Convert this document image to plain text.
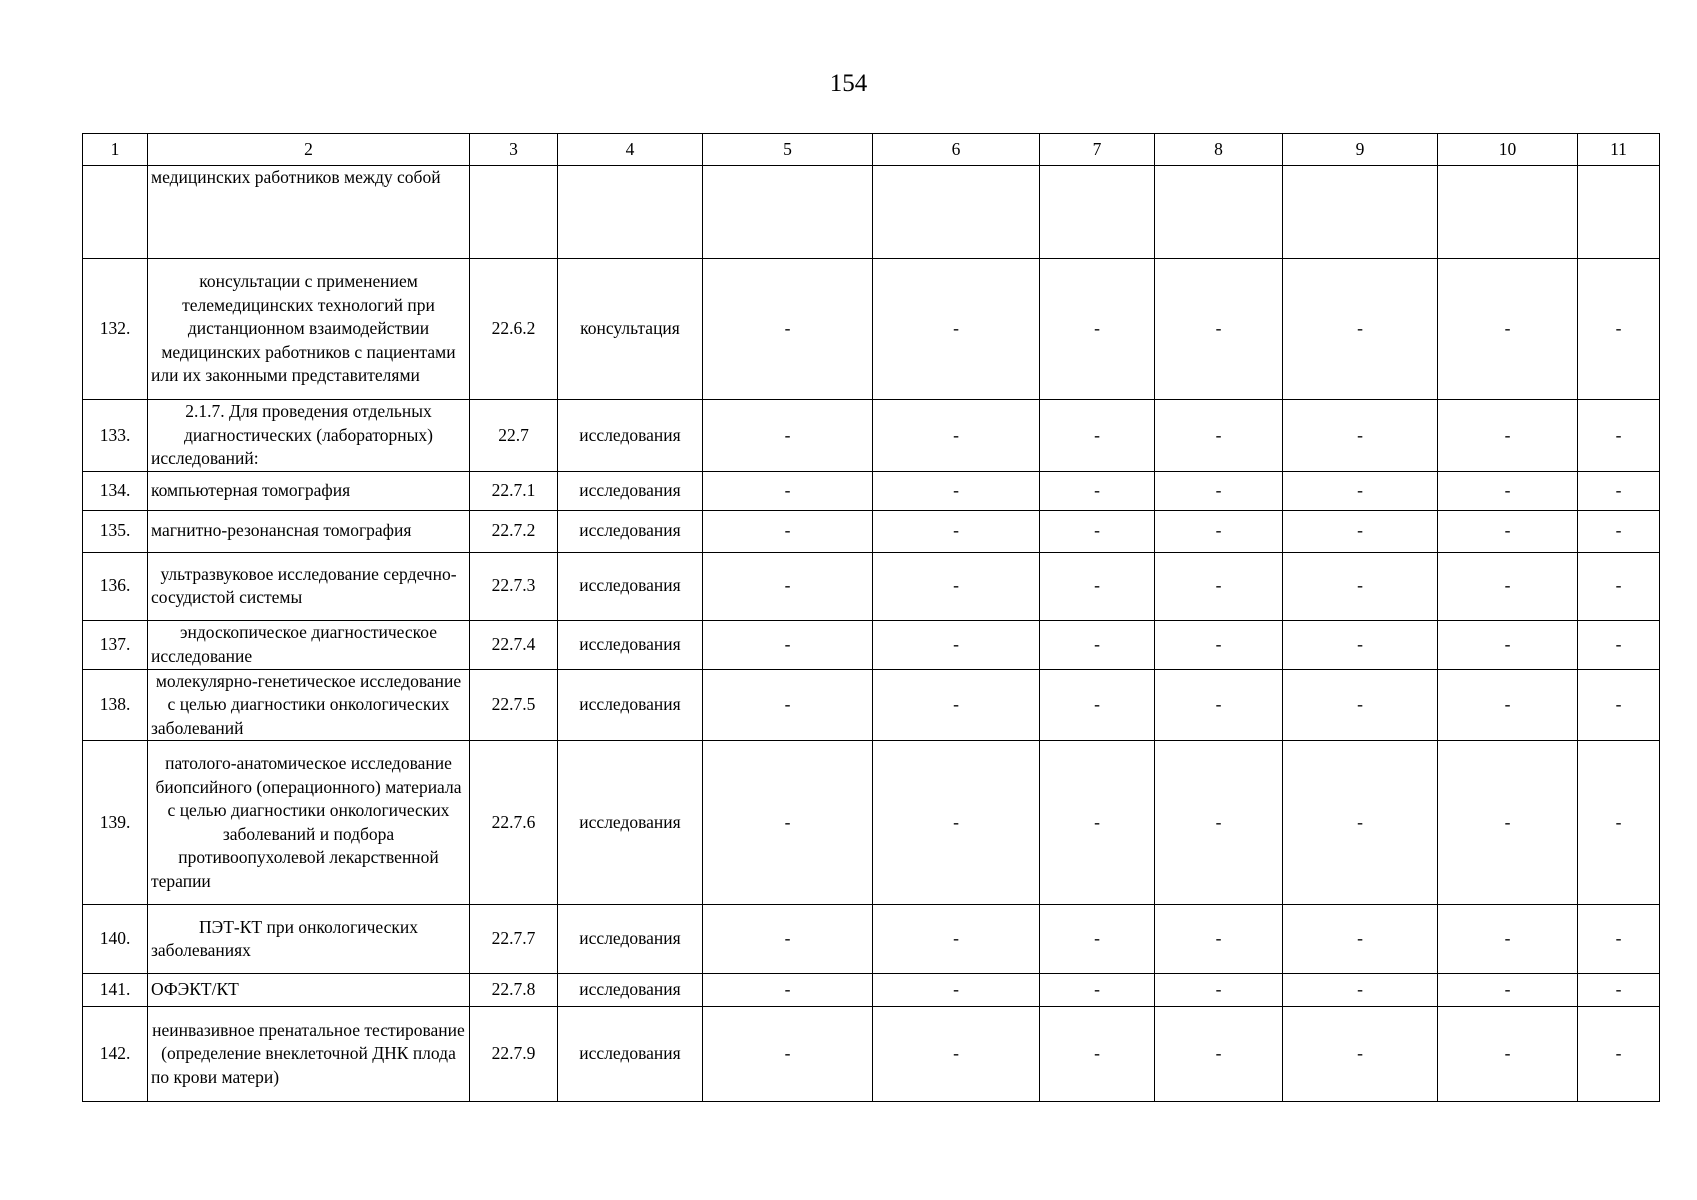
154
1	2	3	4	5	6	7	8	9	10	11
	медицинских работников между собой									
132.	консультации с применением телемедицинских технологий при дистанционном взаимодействии медицинских работников с пациентами или их законными представителями	22.6.2	консультация	-	-	-	-	-	-	-
133.	2.1.7. Для проведения отдельных диагностических (лабораторных) исследований:	22.7	исследования	-	-	-	-	-	-	-
134.	компьютерная томография	22.7.1	исследования	-	-	-	-	-	-	-
135.	магнитно-резонансная томография	22.7.2	исследования	-	-	-	-	-	-	-
136.	ультразвуковое исследование сердечно-сосудистой системы	22.7.3	исследования	-	-	-	-	-	-	-
137.	эндоскопическое диагностическое исследование	22.7.4	исследования	-	-	-	-	-	-	-
138.	молекулярно-генетическое исследование с целью диагностики онкологических заболеваний	22.7.5	исследования	-	-	-	-	-	-	-
139.	патолого-анатомическое исследование биопсийного (операционного) материала с целью диагностики онкологических заболеваний и подбора противоопухолевой лекарственной терапии	22.7.6	исследования	-	-	-	-	-	-	-
140.	ПЭТ-КТ при онкологических заболеваниях	22.7.7	исследования	-	-	-	-	-	-	-
141.	ОФЭКТ/КТ	22.7.8	исследования	-	-	-	-	-	-	-
142.	неинвазивное пренатальное тестирование (определение внеклеточной ДНК плода по крови матери)	22.7.9	исследования	-	-	-	-	-	-	-
